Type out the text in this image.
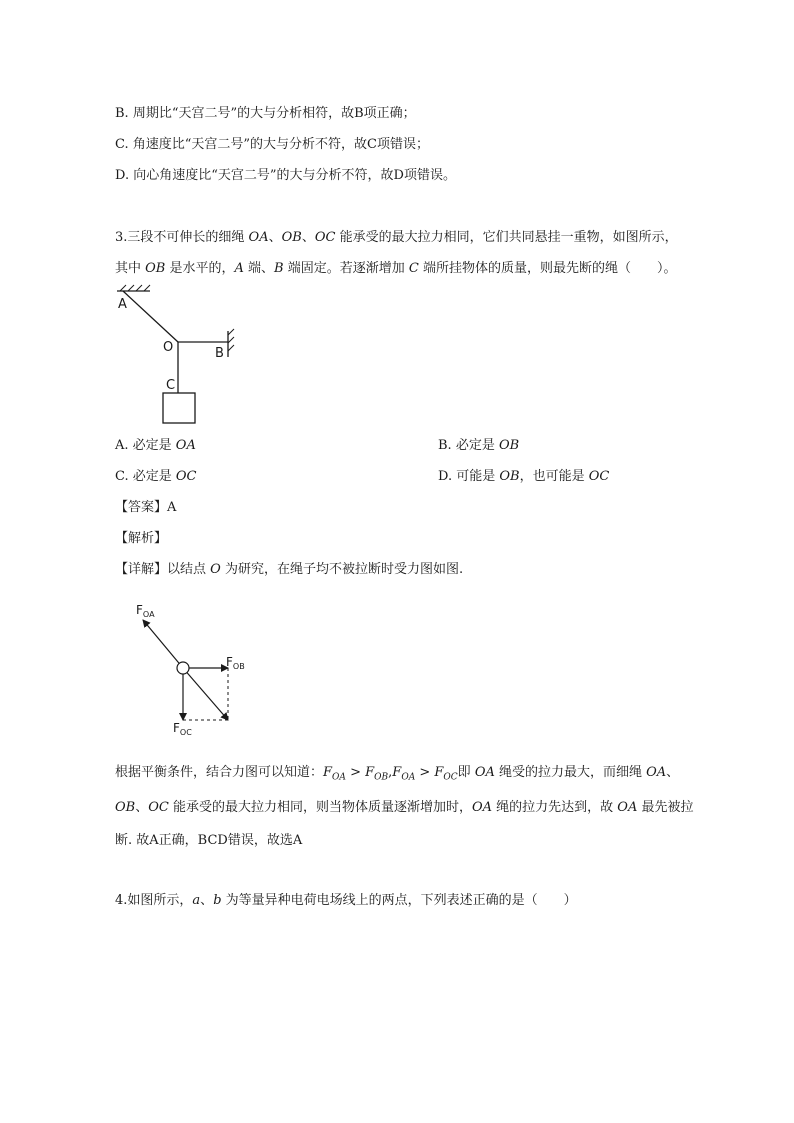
B. 周期比“天宫二号”的大与分析相符，故B项正确；
C. 角速度比“天宫二号”的大与分析不符，故C项错误；
D. 向心角速度比“天宫二号”的大与分析不符，故D项错误。
3.三段不可伸长的细绳 OA、OB、OC 能承受的最大拉力相同，它们共同悬挂一重物，如图所示，
其中 OB 是水平的，A 端、B 端固定。若逐渐增加 C 端所挂物体的质量，则最先断的绳（　　）。
A
O	B
C
A. 必定是 OA	B. 必定是 OB
C. 必定是 OC	D. 可能是 OB，也可能是 OC
【答案】A
【解析】
【详解】以结点 O 为研究，在绳子均不被拉断时受力图如图.
$F_{OA}$
$F_{OB}$
$F_{OC}$
根据平衡条件，结合力图可以知道：$F_{OA} > F_{OB},F_{OA} > F_{OC}$即 OA 绳受的拉力最大，而细绳 OA、
OB、OC 能承受的最大拉力相同，则当物体质量逐渐增加时，OA 绳的拉力先达到，故 OA 最先被拉
断. 故A正确，BCD错误，故选A
4.如图所示，a、b 为等量异种电荷电场线上的两点，下列表述正确的是（　　）
